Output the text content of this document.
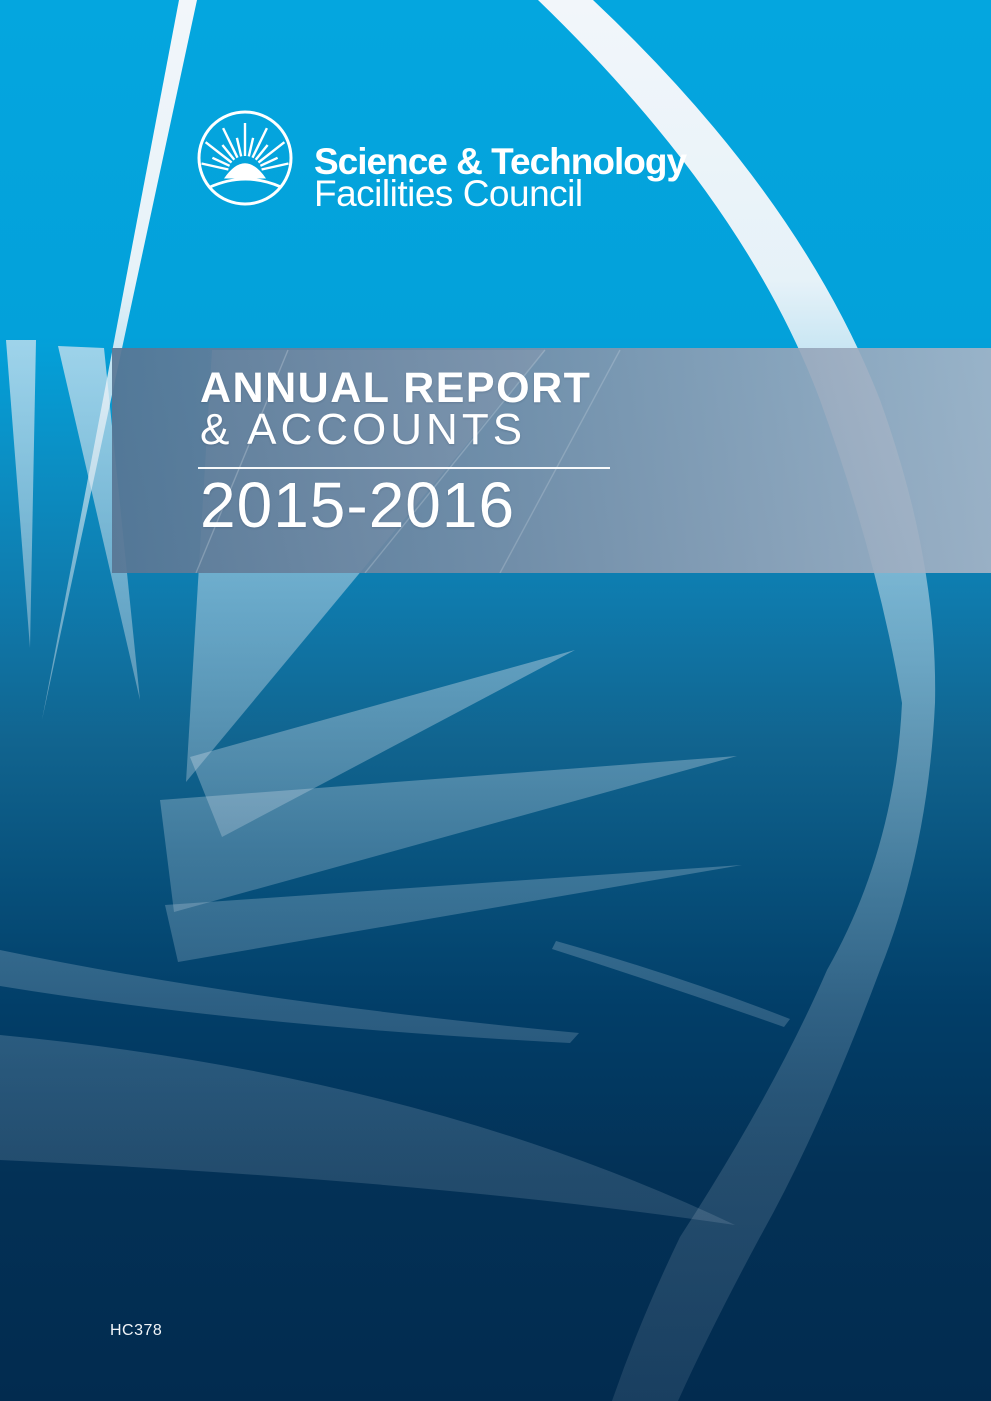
ANNUAL REPORT
& ACCOUNTS
2015-2016
Science & Technology
Facilities Council
HC378
